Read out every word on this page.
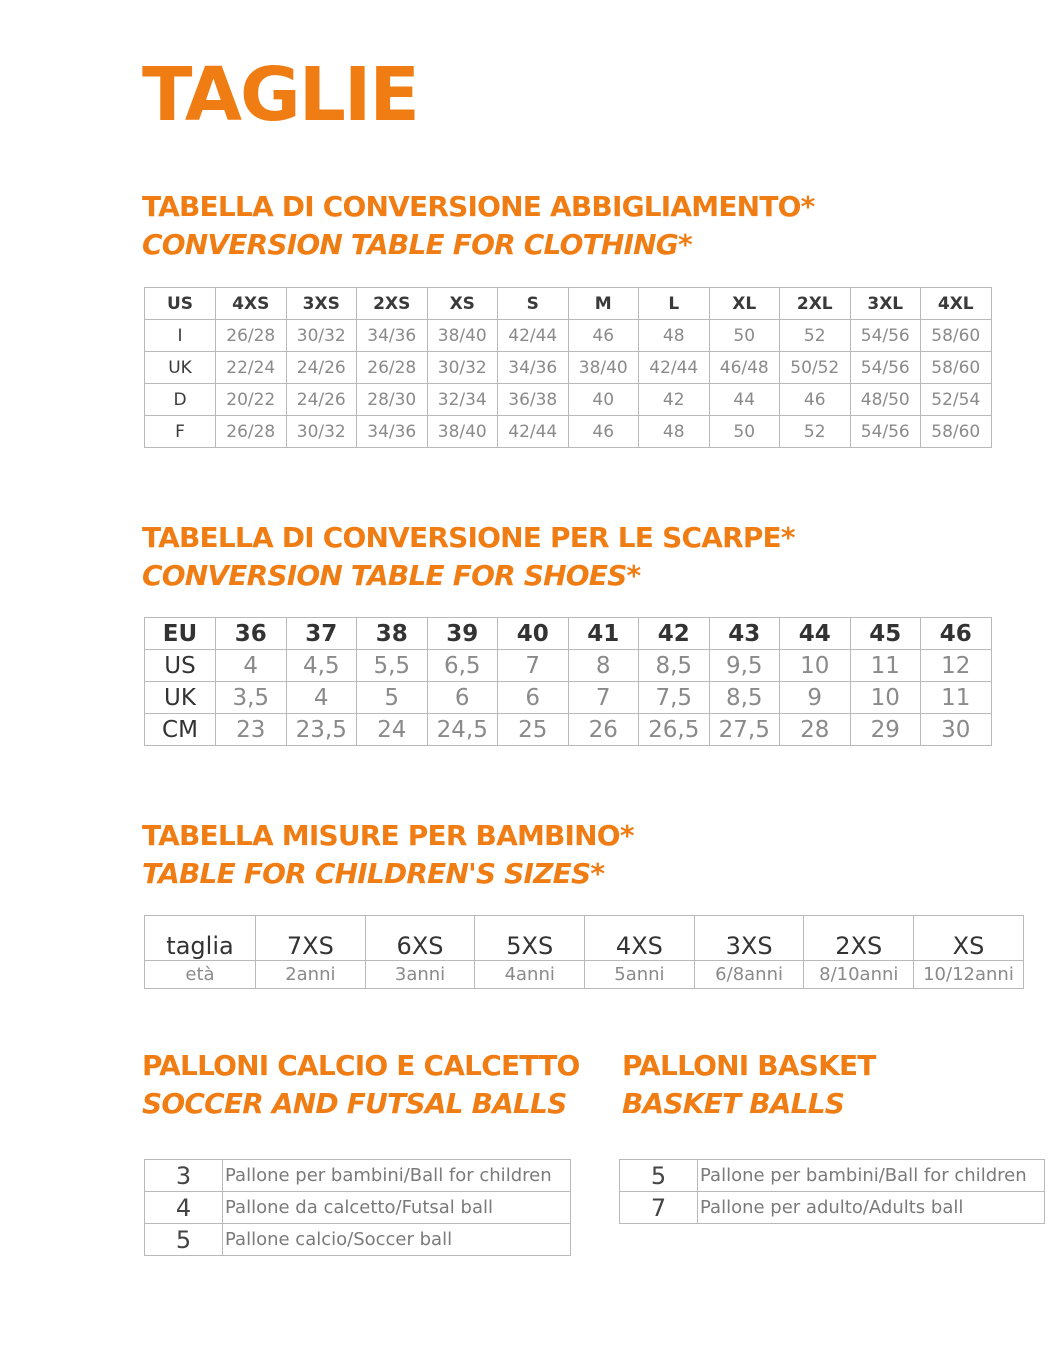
TAGLIE
TABELLA DI CONVERSIONE ABBIGLIAMENTO*
CONVERSION TABLE FOR CLOTHING*
US	4XS	3XS	2XS	XS	S	M	L	XL	2XL	3XL	4XL
I	26/28	30/32	34/36	38/40	42/44	46	48	50	52	54/56	58/60
UK	22/24	24/26	26/28	30/32	34/36	38/40	42/44	46/48	50/52	54/56	58/60
D	20/22	24/26	28/30	32/34	36/38	40	42	44	46	48/50	52/54
F	26/28	30/32	34/36	38/40	42/44	46	48	50	52	54/56	58/60
TABELLA DI CONVERSIONE PER LE SCARPE*
CONVERSION TABLE FOR SHOES*
EU	36	37	38	39	40	41	42	43	44	45	46
US	4	4,5	5,5	6,5	7	8	8,5	9,5	10	11	12
UK	3,5	4	5	6	6	7	7,5	8,5	9	10	11
CM	23	23,5	24	24,5	25	26	26,5	27,5	28	29	30
TABELLA MISURE PER BAMBINO*
TABLE FOR CHILDREN'S SIZES*
taglia	7XS	6XS	5XS	4XS	3XS	2XS	XS
età	2anni	3anni	4anni	5anni	6/8anni	8/10anni	10/12anni
PALLONI CALCIO E CALCETTO
SOCCER AND FUTSAL BALLS
3	Pallone per bambini/Ball for children
4	Pallone da calcetto/Futsal ball
5	Pallone calcio/Soccer ball
PALLONI BASKET
BASKET BALLS
5	Pallone per bambini/Ball for children
7	Pallone per adulto/Adults ball
